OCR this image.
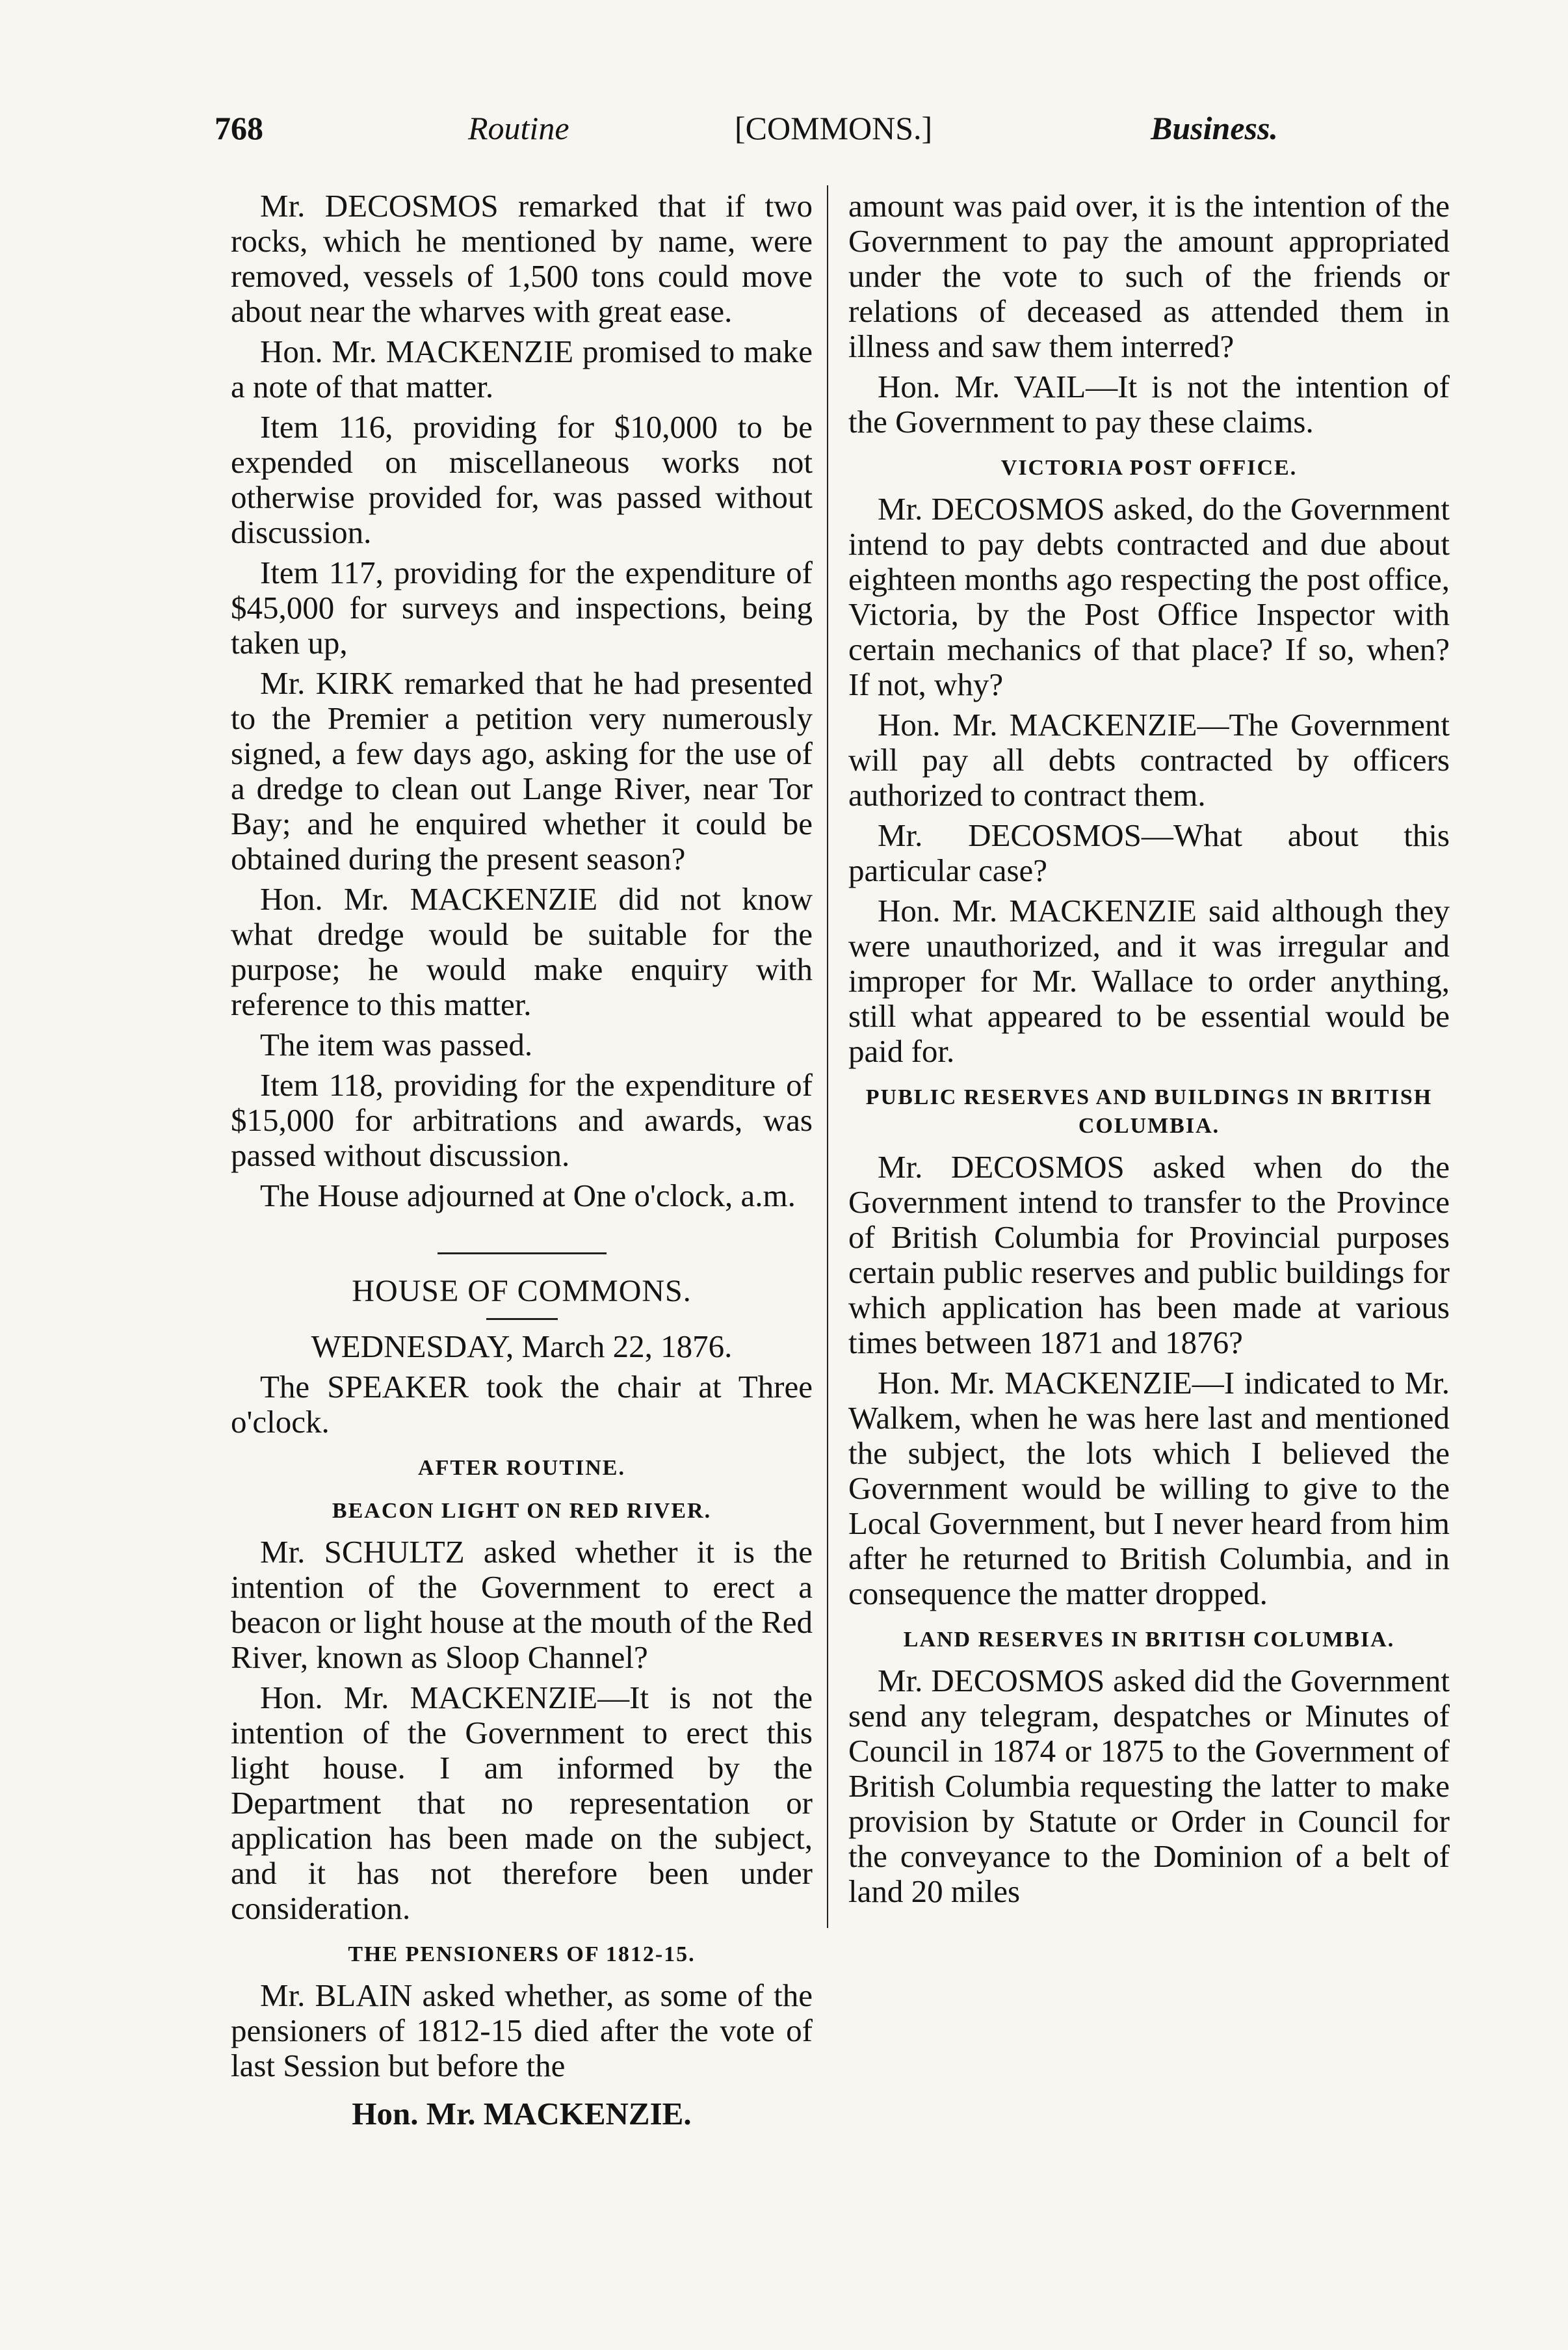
768	Routine	[COMMONS.]	Business.

Mr. DECOSMOS remarked that if two rocks, which he mentioned by name, were removed, vessels of 1,500 tons could move about near the wharves with great ease.

Hon. Mr. MACKENZIE promised to make a note of that matter.

Item 116, providing for $10,000 to be expended on miscellaneous works not otherwise provided for, was passed without discussion.

Item 117, providing for the expenditure of $45,000 for surveys and inspections, being taken up,

Mr. KIRK remarked that he had presented to the Premier a petition very numerously signed, a few days ago, asking for the use of a dredge to clean out Lange River, near Tor Bay; and he enquired whether it could be obtained during the present season?

Hon. Mr. MACKENZIE did not know what dredge would be suitable for the purpose; he would make enquiry with reference to this matter.

The item was passed.

Item 118, providing for the expenditure of $15,000 for arbitrations and awards, was passed without discussion.

The House adjourned at One o'clock, a.m.

HOUSE OF COMMONS.

WEDNESDAY, March 22, 1876.

The SPEAKER took the chair at Three o'clock.

AFTER ROUTINE.

BEACON LIGHT ON RED RIVER.

Mr. SCHULTZ asked whether it is the intention of the Government to erect a beacon or light house at the mouth of the Red River, known as Sloop Channel?

Hon. Mr. MACKENZIE—It is not the intention of the Government to erect this light house. I am informed by the Department that no representation or application has been made on the subject, and it has not therefore been under consideration.

THE PENSIONERS OF 1812-15.

Mr. BLAIN asked whether, as some of the pensioners of 1812-15 died after the vote of last Session but before the

Hon. Mr. MACKENZIE.

amount was paid over, it is the intention of the Government to pay the amount appropriated under the vote to such of the friends or relations of deceased as attended them in illness and saw them interred?

Hon. Mr. VAIL—It is not the intention of the Government to pay these claims.

VICTORIA POST OFFICE.

Mr. DECOSMOS asked, do the Government intend to pay debts contracted and due about eighteen months ago respecting the post office, Victoria, by the Post Office Inspector with certain mechanics of that place? If so, when? If not, why?

Hon. Mr. MACKENZIE—The Government will pay all debts contracted by officers authorized to contract them.

Mr. DECOSMOS—What about this particular case?

Hon. Mr. MACKENZIE said although they were unauthorized, and it was irregular and improper for Mr. Wallace to order anything, still what appeared to be essential would be paid for.

PUBLIC RESERVES AND BUILDINGS IN BRITISH COLUMBIA.

Mr. DECOSMOS asked when do the Government intend to transfer to the Province of British Columbia for Provincial purposes certain public reserves and public buildings for which application has been made at various times between 1871 and 1876?

Hon. Mr. MACKENZIE—I indicated to Mr. Walkem, when he was here last and mentioned the subject, the lots which I believed the Government would be willing to give to the Local Government, but I never heard from him after he returned to British Columbia, and in consequence the matter dropped.

LAND RESERVES IN BRITISH COLUMBIA.

Mr. DECOSMOS asked did the Government send any telegram, despatches or Minutes of Council in 1874 or 1875 to the Government of British Columbia requesting the latter to make provision by Statute or Order in Council for the conveyance to the Dominion of a belt of land 20 miles
